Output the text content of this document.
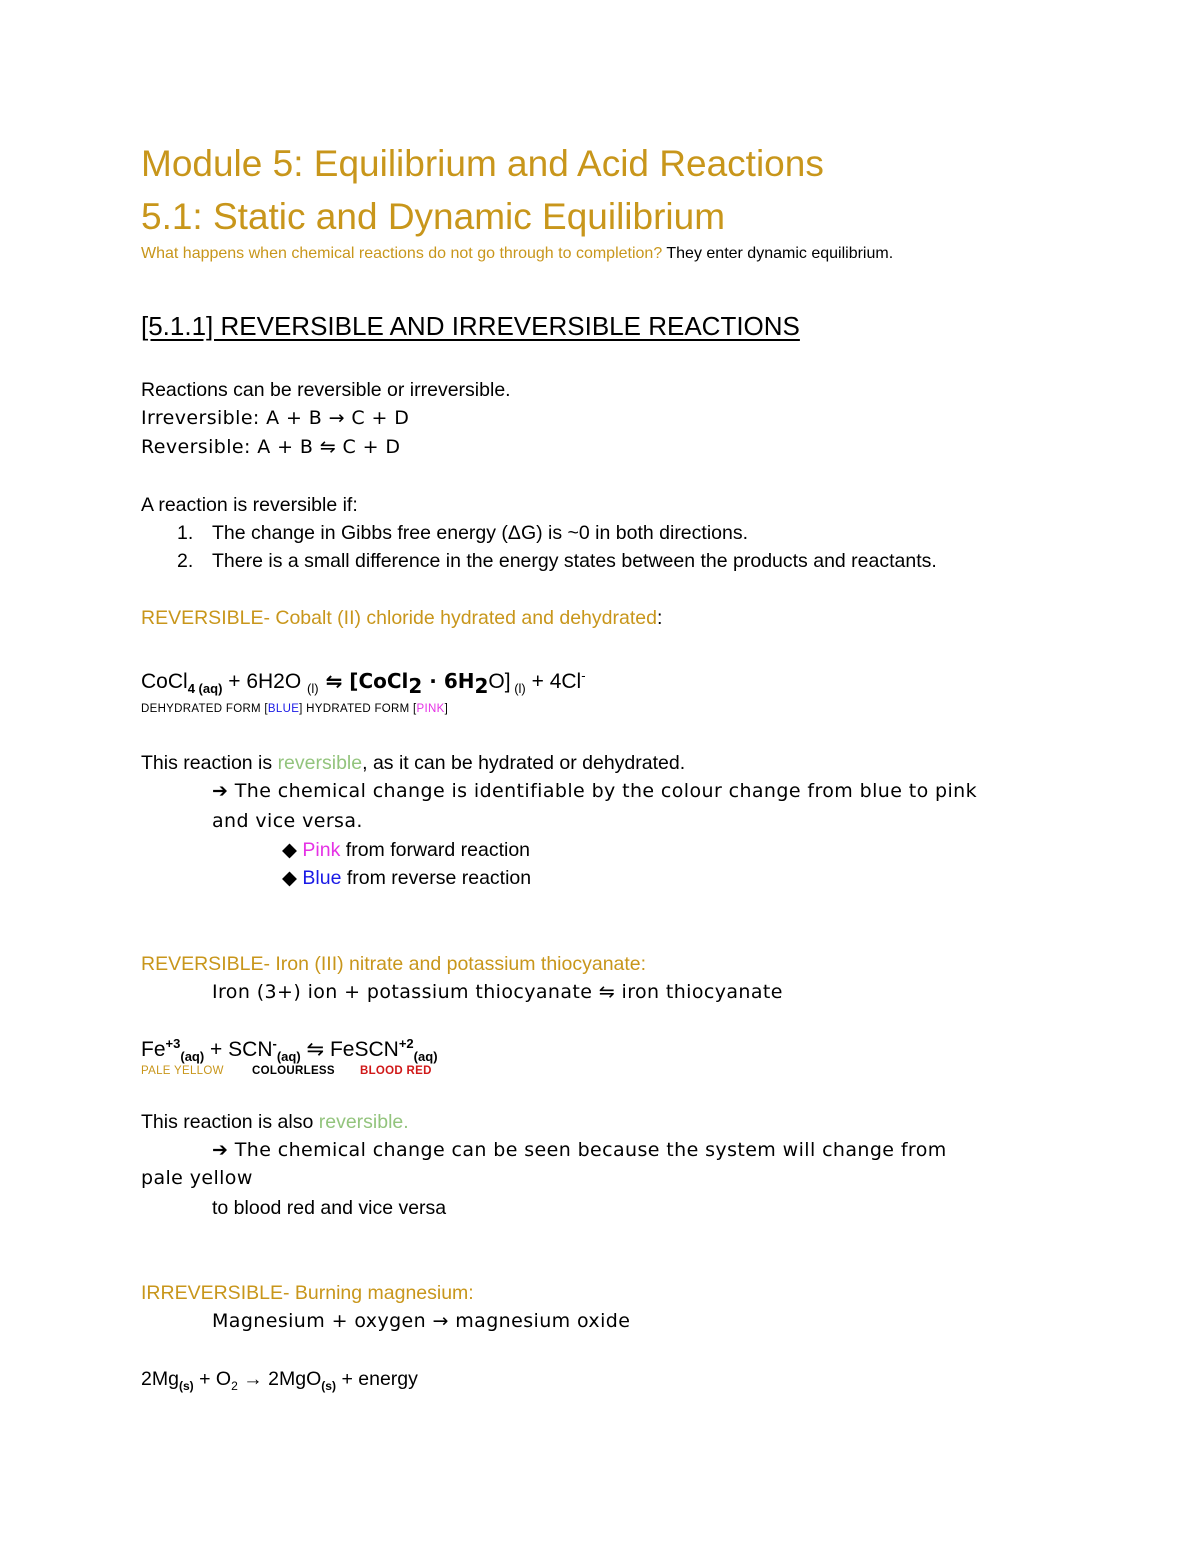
Module 5: Equilibrium and Acid Reactions
5.1: Static and Dynamic Equilibrium
What happens when chemical reactions do not go through to completion? They enter dynamic equilibrium.
[5.1.1] REVERSIBLE AND IRREVERSIBLE REACTIONS
Reactions can be reversible or irreversible.
Irreversible: A + B → C + D
Reversible: A + B ⇋ C + D
A reaction is reversible if:
1. The change in Gibbs free energy (ΔG) is ~0 in both directions.
2. There is a small difference in the energy states between the products and reactants.
REVERSIBLE- Cobalt (II) chloride hydrated and dehydrated:
CoCl$_{4 (aq)}$ + 6H2O $_{(l)}$ ⇋ [CoCl$_2$ ⋅ $6H_2O$] $_{(l)}$ + 4Cl-
DEHYDRATED FORM [BLUE] HYDRATED FORM [PINK]
This reaction is reversible, as it can be hydrated or dehydrated.
➔ The chemical change is identifiable by the colour change from blue to pink
and vice versa.
◆ Pink from forward reaction
◆ Blue from reverse reaction
REVERSIBLE- Iron (III) nitrate and potassium thiocyanate:
Iron (3+) ion + potassium thiocyanate ⇋ iron thiocyanate
$Fe^{+3}_{(aq)} + SCN^-_{(aq)}$ ⇋ FeSCN$^{+2}_{(aq)}$
PALE YELLOW COLOURLESS BLOOD RED
This reaction is also reversible.
➔ The chemical change can be seen because the system will change from
pale yellow
to blood red and vice versa
IRREVERSIBLE- Burning magnesium:
Magnesium + oxygen → magnesium oxide
$2Mg_{(s)} + O_2 \to 2MgO_{(s)}$ + energy
